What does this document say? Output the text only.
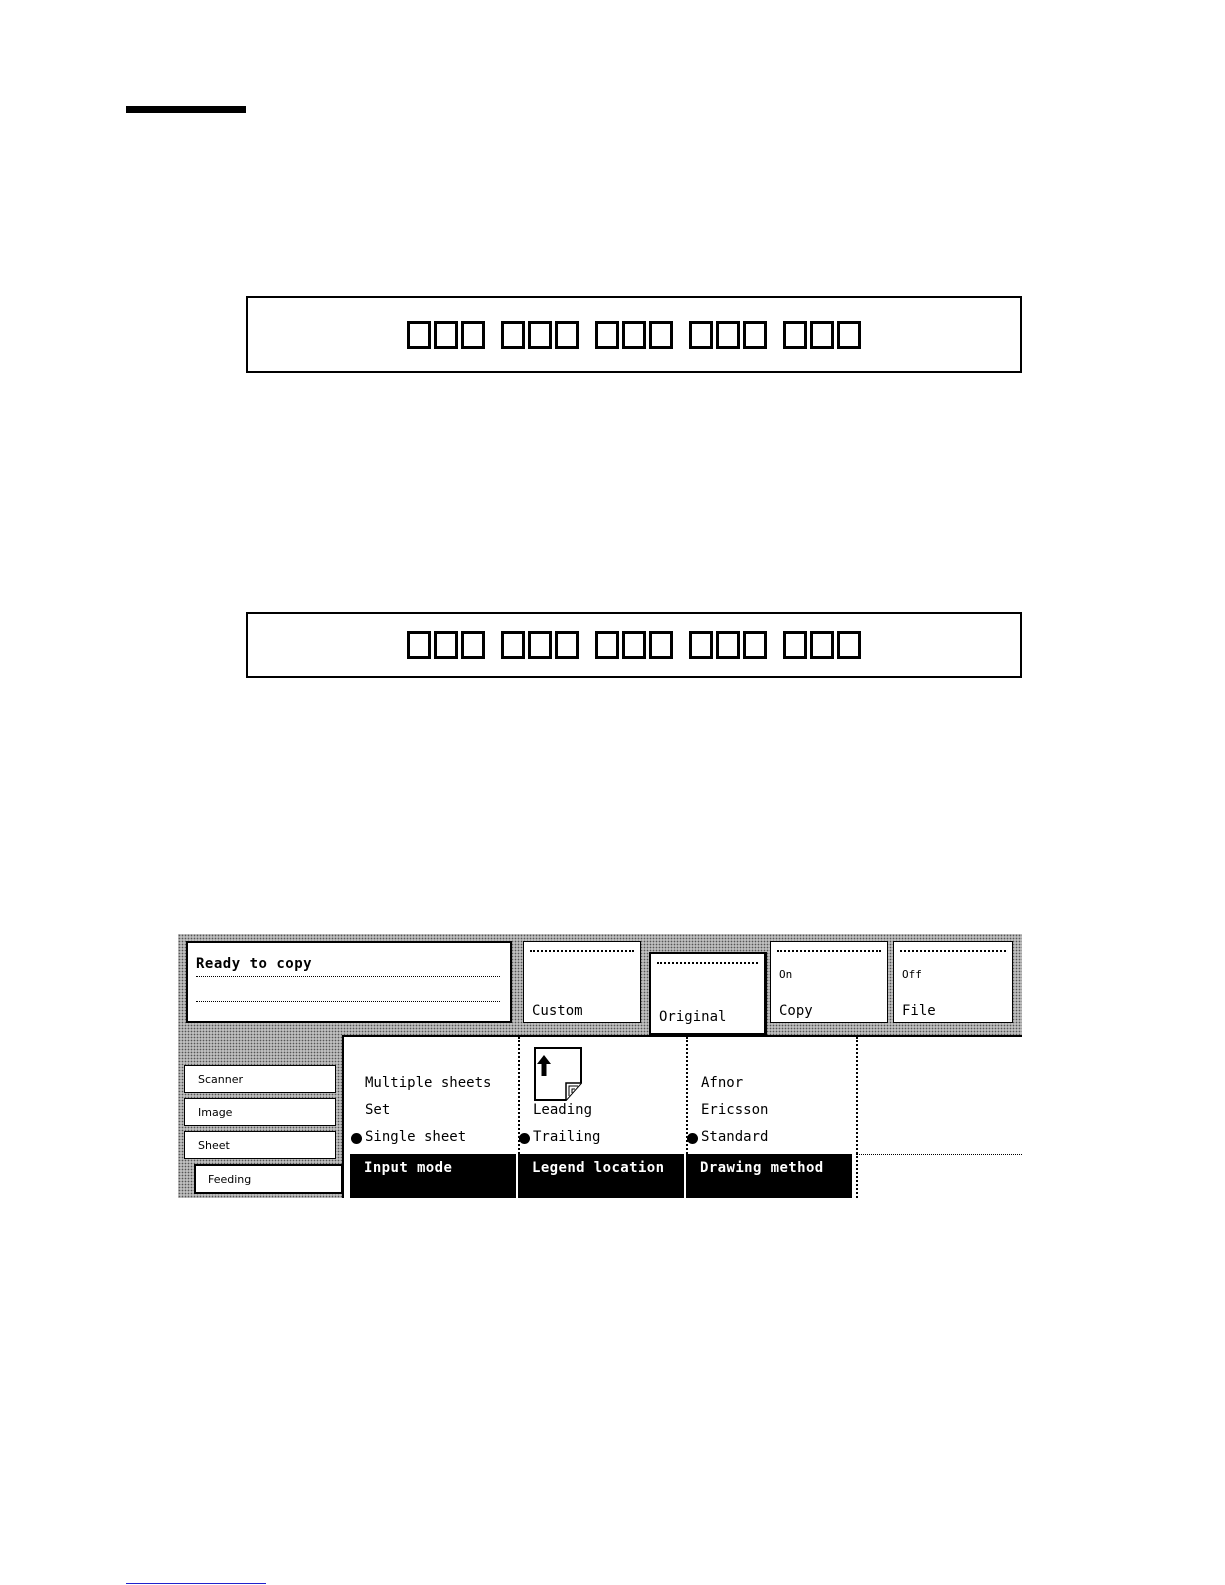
Ready to copy
Custom	Original
On
Copy
Off
File
Scanner
Image
Sheet
Multiple sheets
Set
Single sheet
Input mode
Leading
Trailing
Legend location
Afnor
Ericsson
Standard
Drawing method
Feeding
